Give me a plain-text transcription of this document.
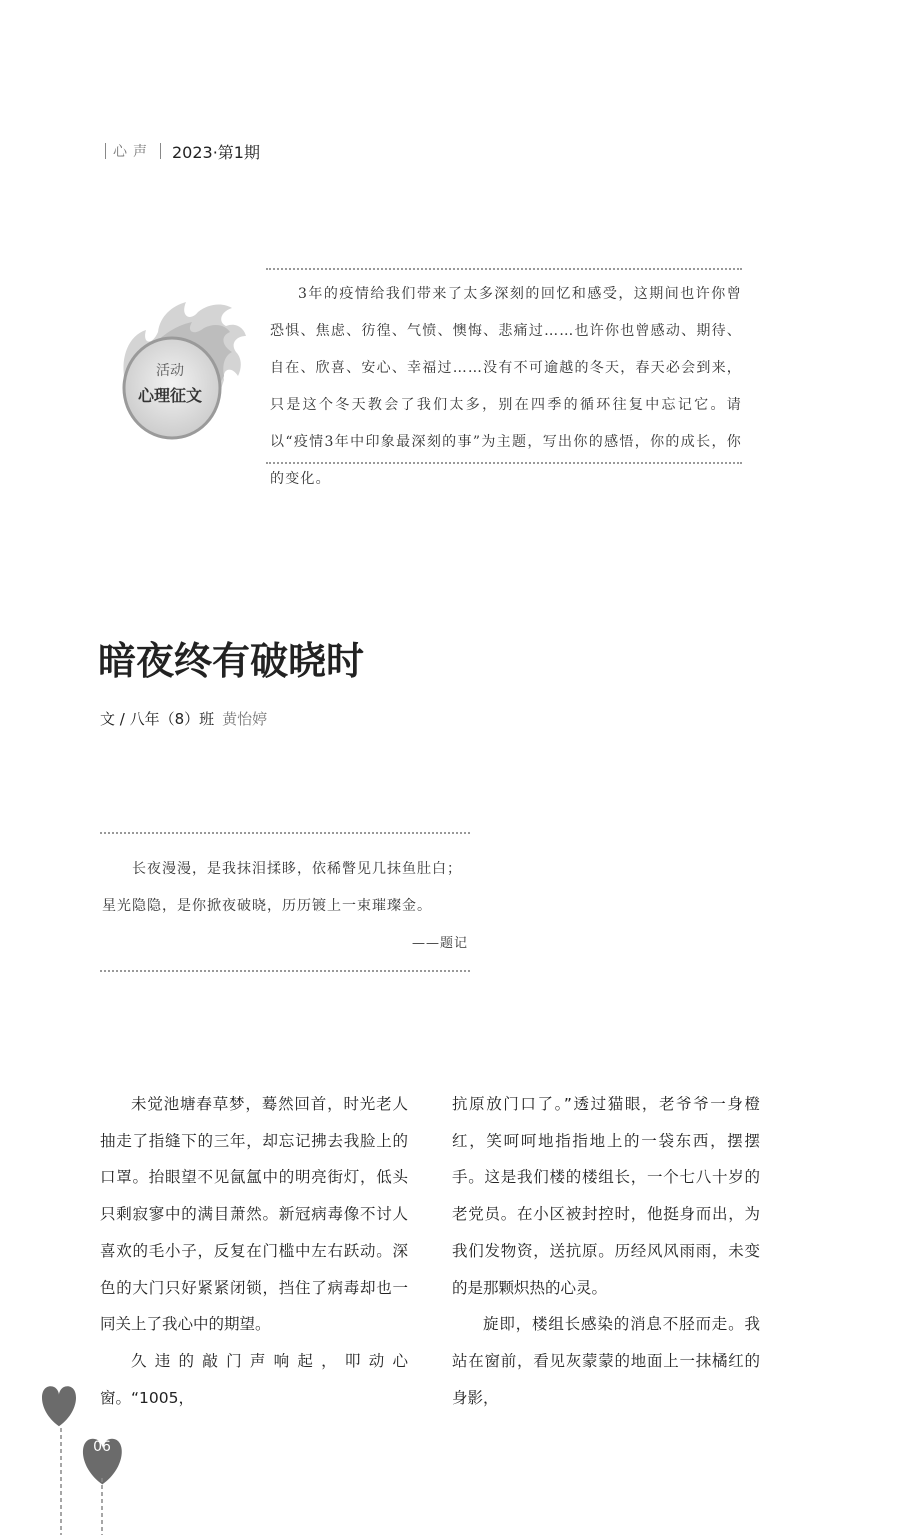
心声 2023·第1期
活动
心理征文

3年的疫情给我们带来了太多深刻的回忆和感受，这期间也许你曾恐惧、焦虑、彷徨、气愤、懊悔、悲痛过……也许你也曾感动、期待、自在、欣喜、安心、幸福过……没有不可逾越的冬天，春天必会到来，只是这个冬天教会了我们太多，别在四季的循环往复中忘记它。请以“疫情3年中印象最深刻的事”为主题，写出你的感悟，你的成长，你的变化。

暗夜终有破晓时
文 / 八年（8）班 黄怡婷
长夜漫漫，是我抹泪揉眵，依稀瞥见几抹鱼肚白；
星光隐隐，是你掀夜破晓，历历镀上一束璀璨金。
——题记

未觉池塘春草梦，蓦然回首，时光老人抽走了指缝下的三年，却忘记拂去我脸上的口罩。抬眼望不见氤氲中的明亮街灯，低头只剩寂寥中的满目萧然。新冠病毒像不讨人喜欢的毛小子，反复在门槛中左右跃动。深色的大门只好紧紧闭锁，挡住了病毒却也一同关上了我心中的期望。

久违的敲门声响起，叩动心窗。“1005，

抗原放门口了。”透过猫眼，老爷爷一身橙红，笑呵呵地指指地上的一袋东西，摆摆手。这是我们楼的楼组长，一个七八十岁的老党员。在小区被封控时，他挺身而出，为我们发物资，送抗原。历经风风雨雨，未变的是那颗炽热的心灵。

旋即，楼组长感染的消息不胫而走。我站在窗前，看见灰蒙蒙的地面上一抹橘红的身影，

06
